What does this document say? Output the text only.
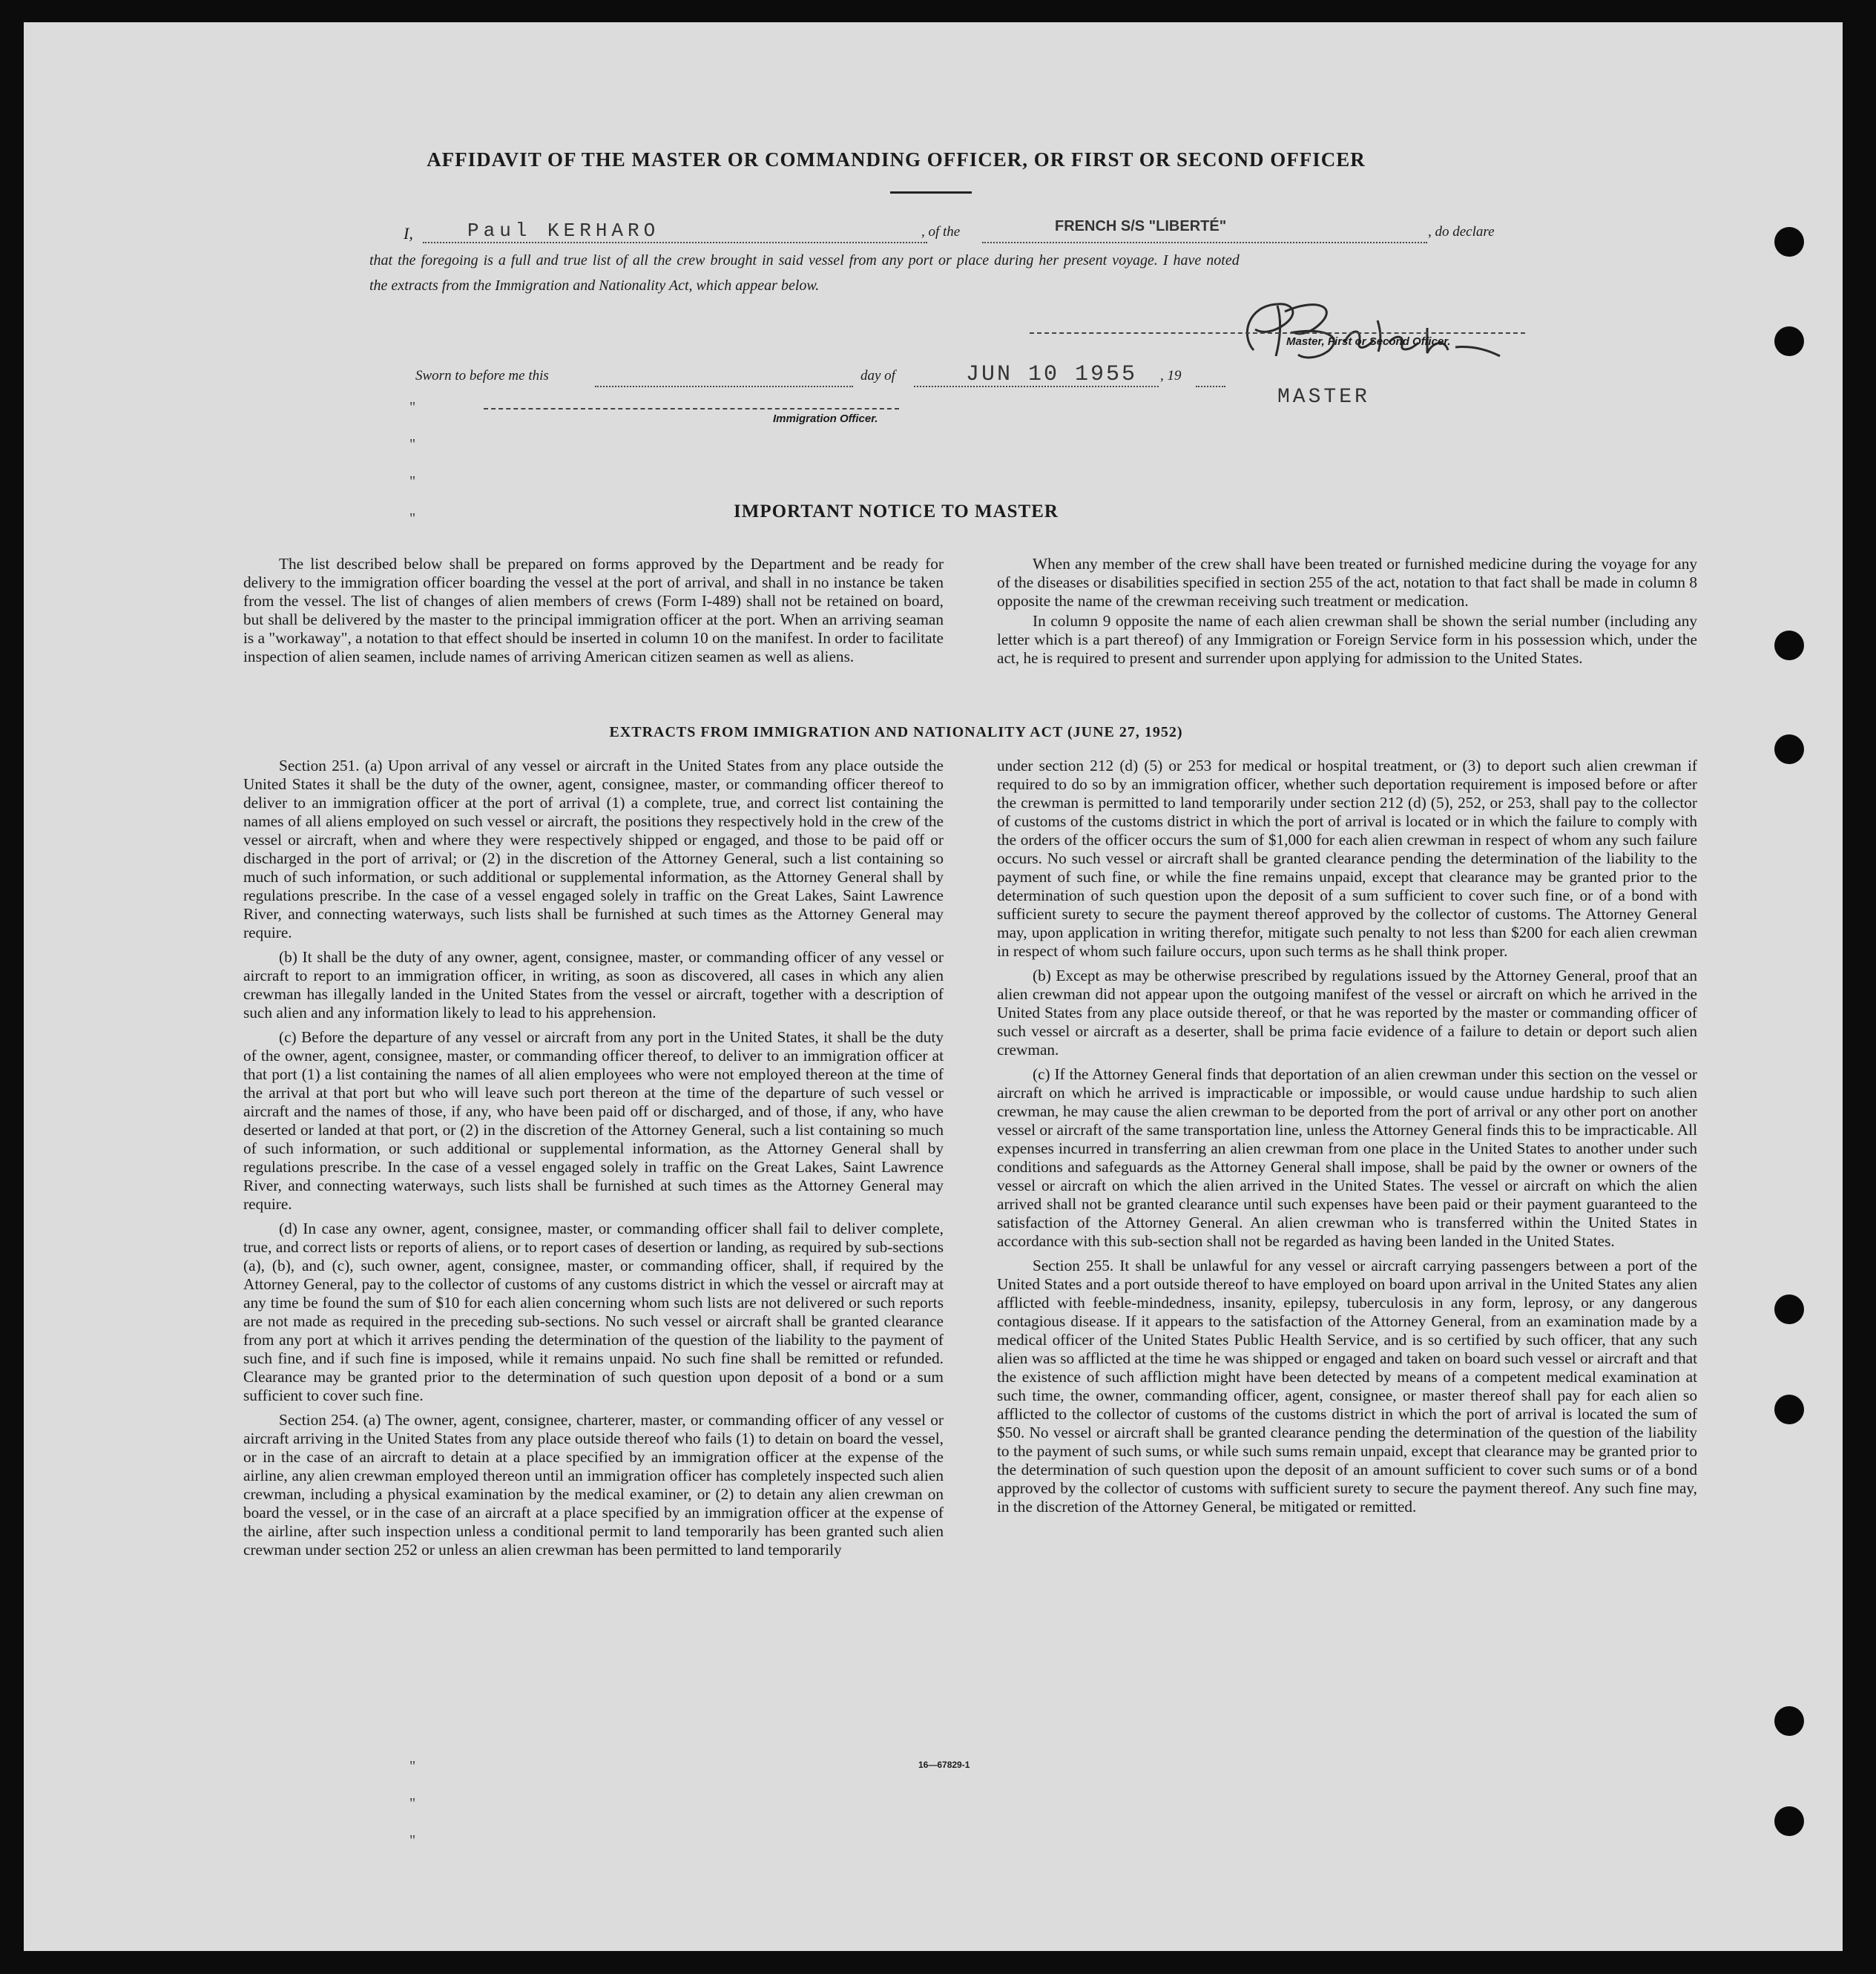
AFFIDAVIT OF THE MASTER OR COMMANDING OFFICER, OR FIRST OR SECOND OFFICER
I,	Paul KERHARO	, of the	FRENCH S/S "LIBERTÉ"	, do declare
that the foregoing is a full and true list of all the crew brought in said vessel from any port or place during her present voyage. I have noted
the extracts from the Immigration and Nationality Act, which appear below.
Master, First or Second Officer.
Sworn to before me this	day of	JUN 10 1955 , 19
MASTER
Immigration Officer.
"
"
"
"	IMPORTANT NOTICE TO MASTER

The list described below shall be prepared on forms approved by the Department and be ready for delivery to the immigration officer boarding the vessel at the port of arrival, and shall in no instance be taken from the vessel. The list of changes of alien members of crews (Form I-489) shall not be retained on board, but shall be delivered by the master to the principal immigration officer at the port. When an arriving seaman is a "workaway", a notation to that effect should be inserted in column 10 on the manifest. In order to facilitate inspection of alien seamen, include names of arriving American citizen seamen as well as aliens.

When any member of the crew shall have been treated or furnished medicine during the voyage for any of the diseases or disabilities specified in section 255 of the act, notation to that fact shall be made in column 8 opposite the name of the crewman receiving such treatment or medication.

In column 9 opposite the name of each alien crewman shall be shown the serial number (including any letter which is a part thereof) of any Immigration or Foreign Service form in his possession which, under the act, he is required to present and surrender upon applying for admission to the United States.

EXTRACTS FROM IMMIGRATION AND NATIONALITY ACT (JUNE 27, 1952)

Section 251. (a) Upon arrival of any vessel or aircraft in the United States from any place outside the United States it shall be the duty of the owner, agent, consignee, master, or commanding officer thereof to deliver to an immigration officer at the port of arrival (1) a complete, true, and correct list containing the names of all aliens employed on such vessel or aircraft, the positions they respectively hold in the crew of the vessel or aircraft, when and where they were respectively shipped or engaged, and those to be paid off or discharged in the port of arrival; or (2) in the discretion of the Attorney General, such a list containing so much of such information, or such additional or supplemental information, as the Attorney General shall by regulations prescribe. In the case of a vessel engaged solely in traffic on the Great Lakes, Saint Lawrence River, and connecting waterways, such lists shall be furnished at such times as the Attorney General may require.

(b) It shall be the duty of any owner, agent, consignee, master, or commanding officer of any vessel or aircraft to report to an immigration officer, in writing, as soon as discovered, all cases in which any alien crewman has illegally landed in the United States from the vessel or aircraft, together with a description of such alien and any information likely to lead to his apprehension.

(c) Before the departure of any vessel or aircraft from any port in the United States, it shall be the duty of the owner, agent, consignee, master, or commanding officer thereof, to deliver to an immigration officer at that port (1) a list containing the names of all alien employees who were not employed thereon at the time of the arrival at that port but who will leave such port thereon at the time of the departure of such vessel or aircraft and the names of those, if any, who have been paid off or discharged, and of those, if any, who have deserted or landed at that port, or (2) in the discretion of the Attorney General, such a list containing so much of such information, or such additional or supplemental information, as the Attorney General shall by regulations prescribe. In the case of a vessel engaged solely in traffic on the Great Lakes, Saint Lawrence River, and connecting waterways, such lists shall be furnished at such times as the Attorney General may require.

(d) In case any owner, agent, consignee, master, or commanding officer shall fail to deliver complete, true, and correct lists or reports of aliens, or to report cases of desertion or landing, as required by sub-sections (a), (b), and (c), such owner, agent, consignee, master, or commanding officer, shall, if required by the Attorney General, pay to the collector of customs of any customs district in which the vessel or aircraft may at any time be found the sum of $10 for each alien concerning whom such lists are not delivered or such reports are not made as required in the preceding sub-sections. No such vessel or aircraft shall be granted clearance from any port at which it arrives pending the determination of the question of the liability to the payment of such fine, and if such fine is imposed, while it remains unpaid. No such fine shall be remitted or refunded. Clearance may be granted prior to the determination of such question upon deposit of a bond or a sum sufficient to cover such fine.

Section 254. (a) The owner, agent, consignee, charterer, master, or commanding officer of any vessel or aircraft arriving in the United States from any place outside thereof who fails (1) to detain on board the vessel, or in the case of an aircraft to detain at a place specified by an immigration officer at the expense of the airline, any alien crewman employed thereon until an immigration officer has completely inspected such alien crewman, including a physical examination by the medical examiner, or (2) to detain any alien crewman on board the vessel, or in the case of an aircraft at a place specified by an immigration officer at the expense of the airline, after such inspection unless a conditional permit to land temporarily has been granted such alien crewman under section 252 or unless an alien crewman has been permitted to land temporarily

under section 212 (d) (5) or 253 for medical or hospital treatment, or (3) to deport such alien crewman if required to do so by an immigration officer, whether such deportation requirement is imposed before or after the crewman is permitted to land temporarily under section 212 (d) (5), 252, or 253, shall pay to the collector of customs of the customs district in which the port of arrival is located or in which the failure to comply with the orders of the officer occurs the sum of $1,000 for each alien crewman in respect of whom any such failure occurs. No such vessel or aircraft shall be granted clearance pending the determination of the liability to the payment of such fine, or while the fine remains unpaid, except that clearance may be granted prior to the determination of such question upon the deposit of a sum sufficient to cover such fine, or of a bond with sufficient surety to secure the payment thereof approved by the collector of customs. The Attorney General may, upon application in writing therefor, mitigate such penalty to not less than $200 for each alien crewman in respect of whom such failure occurs, upon such terms as he shall think proper.

(b) Except as may be otherwise prescribed by regulations issued by the Attorney General, proof that an alien crewman did not appear upon the outgoing manifest of the vessel or aircraft on which he arrived in the United States from any place outside thereof, or that he was reported by the master or commanding officer of such vessel or aircraft as a deserter, shall be prima facie evidence of a failure to detain or deport such alien crewman.

(c) If the Attorney General finds that deportation of an alien crewman under this section on the vessel or aircraft on which he arrived is impracticable or impossible, or would cause undue hardship to such alien crewman, he may cause the alien crewman to be deported from the port of arrival or any other port on another vessel or aircraft of the same transportation line, unless the Attorney General finds this to be impracticable. All expenses incurred in transferring an alien crewman from one place in the United States to another under such conditions and safeguards as the Attorney General shall impose, shall be paid by the owner or owners of the vessel or aircraft on which the alien arrived in the United States. The vessel or aircraft on which the alien arrived shall not be granted clearance until such expenses have been paid or their payment guaranteed to the satisfaction of the Attorney General. An alien crewman who is transferred within the United States in accordance with this sub-section shall not be regarded as having been landed in the United States.

Section 255. It shall be unlawful for any vessel or aircraft carrying passengers between a port of the United States and a port outside thereof to have employed on board upon arrival in the United States any alien afflicted with feeble-mindedness, insanity, epilepsy, tuberculosis in any form, leprosy, or any dangerous contagious disease. If it appears to the satisfaction of the Attorney General, from an examination made by a medical officer of the United States Public Health Service, and is so certified by such officer, that any such alien was so afflicted at the time he was shipped or engaged and taken on board such vessel or aircraft and that the existence of such affliction might have been detected by means of a competent medical examination at such time, the owner, commanding officer, agent, consignee, or master thereof shall pay for each alien so afflicted to the collector of customs of the customs district in which the port of arrival is located the sum of $50. No vessel or aircraft shall be granted clearance pending the determination of the question of the liability to the payment of such sums, or while such sums remain unpaid, except that clearance may be granted prior to the determination of such question upon the deposit of an amount sufficient to cover such sums or of a bond approved by the collector of customs with sufficient surety to secure the payment thereof. Any such fine may, in the discretion of the Attorney General, be mitigated or remitted.

16—67829-1
"
"
"
